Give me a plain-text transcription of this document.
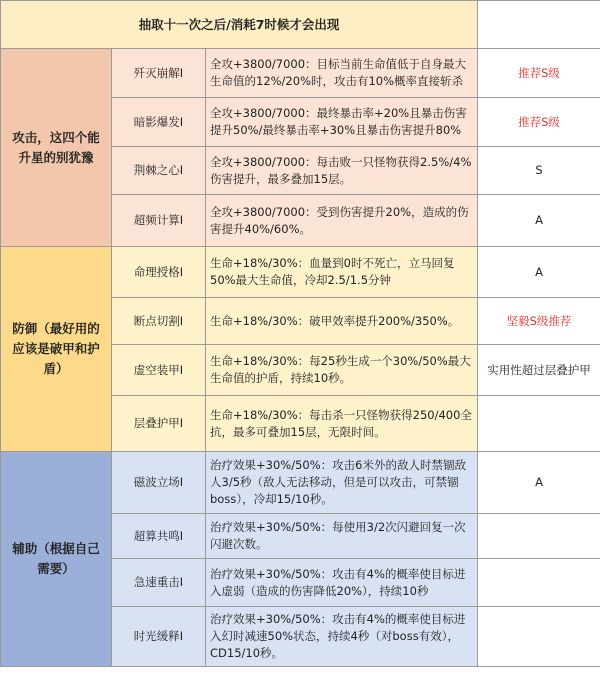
抽取十一次之后/消耗7时候才会出现			
攻击，这四个能升星的别犹豫	歼灭崩解I	全攻+3800/7000：目标当前生命值低于自身最大生命值的12%/20%时，攻击有10%概率直接斩杀	推荐S级
	暗影爆发I	全攻+3800/7000：最终暴击率+20%且暴击伤害提升50%/最终暴击率+30%且暴击伤害提升80%	推荐S级
	荆棘之心I	全攻+3800/7000：每击败一只怪物获得2.5%/4%伤害提升，最多叠加15层。	S
	超频计算I	全攻+3800/7000：受到伤害提升20%，造成的伤害提升40%/60%。	A
防御（最好用的应该是破甲和护盾）	命理授格I	生命+18%/30%：血量到0时不死亡，立马回复50%最大生命值，冷却2.5/1.5分钟	A
	断点切割I	生命+18%/30%：破甲效率提升200%/350%。	坚毅S级推荐
	虚空装甲I	生命+18%/30%：每25秒生成一个30%/50%最大生命值的护盾，持续10秒。	实用性超过层叠护甲
	层叠护甲I	生命+18%/30%：每击杀一只怪物获得250/400全抗，最多可叠加15层，无限时间。	
辅助（根据自己需要）	磁波立场I	治疗效果+30%/50%：攻击6米外的敌人时禁锢敌人3/5秒（敌人无法移动，但是可以攻击，可禁锢boss），冷却15/10秒。	A
	超算共鸣I	治疗效果+30%/50%：每使用3/2次闪避回复一次闪避次数。	
	急速重击I	治疗效果+30%/50%：攻击有4%的概率使目标进入虚弱（造成的伤害降低20%），持续10秒	
	时光缓释I	治疗效果+30%/50%：攻击有4%的概率使目标进入幻时减速50%状态，持续4秒（对boss有效），CD15/10秒。	
